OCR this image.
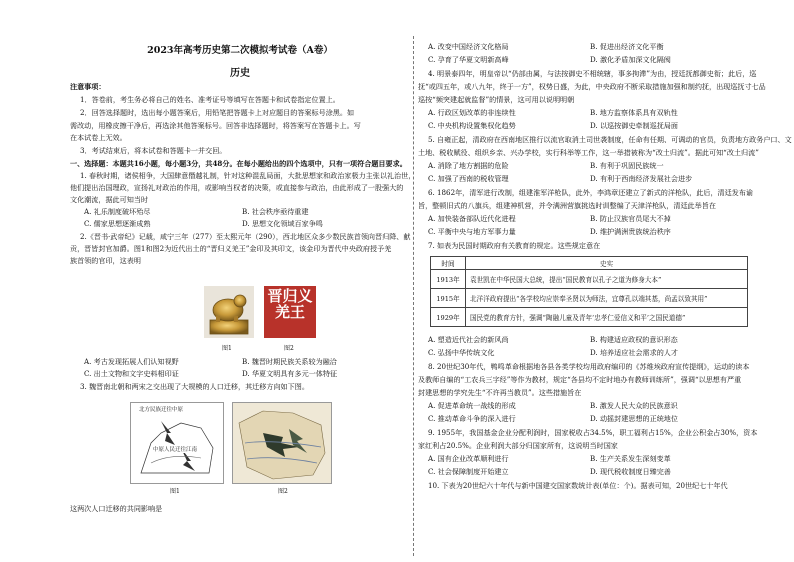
2023年高考历史第二次模拟考试卷（A卷）
历史
注意事项：
1．答卷前，考生务必将自己的姓名、准考证号等填写在答题卡和试卷指定位置上。
2．回答选择题时，选出每小题答案后，用铅笔把答题卡上对应题目的答案标号涂黑。如
需改动，用橡皮擦干净后，再选涂其他答案标号。回答非选择题时，将答案写在答题卡上。写
在本试卷上无效。
3．考试结束后，将本试卷和答题卡一并交回。
一、选择题：本题共16小题，每小题3分，共48分。在每小题给出的四个选项中，只有一项符合题目要求。
1. 春秋时期，诸侯相争，大国肆意僭越礼制，针对这种混乱局面，大批思想家和政治家极力主张以礼治世，
他们提出治国理政，宣扬礼对政治的作用，或影响当权者的决策，或直接参与政治，由此形成了一股强大的
文化潮流，据此可知当时
A. 礼乐制度破坏殆尽	B. 社会秩序亟待重建
C. 儒家思想逐渐成熟	D. 思想文化领域百家争鸣
2.《晋书·武帝纪》记载，咸宁三年（277）至太熙元年（290），西北地区众多少数民族首领向晋归降、献
贡，晋皆封官加爵。图1和图2为近代出土的“晋归义羌王”金印及其印文，该金印为晋代中央政府授予羌
族首领的官印，这表明
图1
晋归义羌王
图2
A. 考古发现拓展人们认知视野	B. 魏晋时期民族关系较为融洽
C. 出土文物和文字史料相印证	D. 华夏文明具有多元一体特征
3. 魏晋南北朝和两宋之交出现了大规模的人口迁移，其迁移方向如下图。
北方民族迁往中原
中原人民迁往江南
图1	图2
这两次人口迁移的共同影响是
A. 改变中国经济文化格局	B. 促进出经济文化平衡
C. 孕育了华夏文明新高峰	D. 激化矛盾加深文化隔阂
4. 明景泰四年，明皇帝以“仍部由属，与法按御史不相统辖，事多拘滞”为由，授廷抚都御史衔；此后，巡
抚“或四五年，或八九年，终于一方”，权势日盛，为此，中央政府不断采取措施加强和制约抚，出现巡抚寸七品
巡按“频突建起就监督”的情景，这可用以说明明朝
A. 行政区划改革的非连续性	B. 地方监察体系具有双轨性
C. 中央机构设置集权化趋势	D. 以巡按御史牵制巡抚局面
5. 自雍正起，清政府在西南地区推行以流官取消土司世袭制度，任命有任期、可调动的官员，负责地方政务户口、文
土地、税收赋役、组织乡亲、兴办学校，实行科举等工作，这一举措被称为“改土归流”。据此可知“改土归流”
A. 消除了地方割据的危险	B. 有利于巩固民族统一
C. 加强了西南的税收管理	D. 有利于西南经济发展社会进步
6. 1862年，清军进行改制，组建淮军洋枪队，此外，李鸿章还建立了新式的洋枪队，此后，清廷发布谕
旨，整顿旧式的八旗兵，组建神机营，并令满洲营旗挑选时训整编了天津洋枪队，清廷此举旨在
A. 加快装备部队近代化进程	B. 防止汉族官员尾大不掉
C. 平衡中央与地方军事力量	D. 维护满洲贵族统治秩序
7. 如表为民国时期政府有关教育的规定。这些规定意在
时间	史实
1913年	袁世凯在中华民国大总统，提出“国民教育以孔子之道为修身大本”
1915年	北洋洋政府提出“各学校均应崇奉圣贤以为师法，宜尊孔以端其基，尚孟以致其用”
1929年	国民党的教育方针，强调“陶融儿童及青年‘忠孝仁爱信义和平’之国民道德”
A. 塑造近代社会的新风尚	B. 构建适应政权的意识形态
C. 弘扬中华传统文化	D. 培养适应社会需求的人才
8. 20世纪30年代，鸭鸣革命根据地各县各类学校均用政府编印的《苏维埃政府宣传提纲》，运动的读本
及教师自编的“工农兵三字经”等作为教材，规定“各县均不定时地办有教师训练所”，强调“以思想有严重
封建思想的学究先生“不许再当教员”。这些措施旨在
A. 促进革命统一战线的形成	B. 激发人民大众的民族意识
C. 推动革命斗争的深入进行	D. 动摇封建思想的正统地位
9. 1955年，我国基金企业分配利润时，国家税收占34.5%，职工福利占15%，企业公积金占30%，资本
家红利占20.5%。企业利润大部分归国家所有，这说明当时国家
A. 国有企业改革顺利进行	B. 生产关系发生深刻变革
C. 社会保障制度开始建立	D. 现代税收制度日臻完善
10. 下表为20世纪六十年代与新中国建交国家数统计表(单位：个)。据表可知，20世纪七十年代
